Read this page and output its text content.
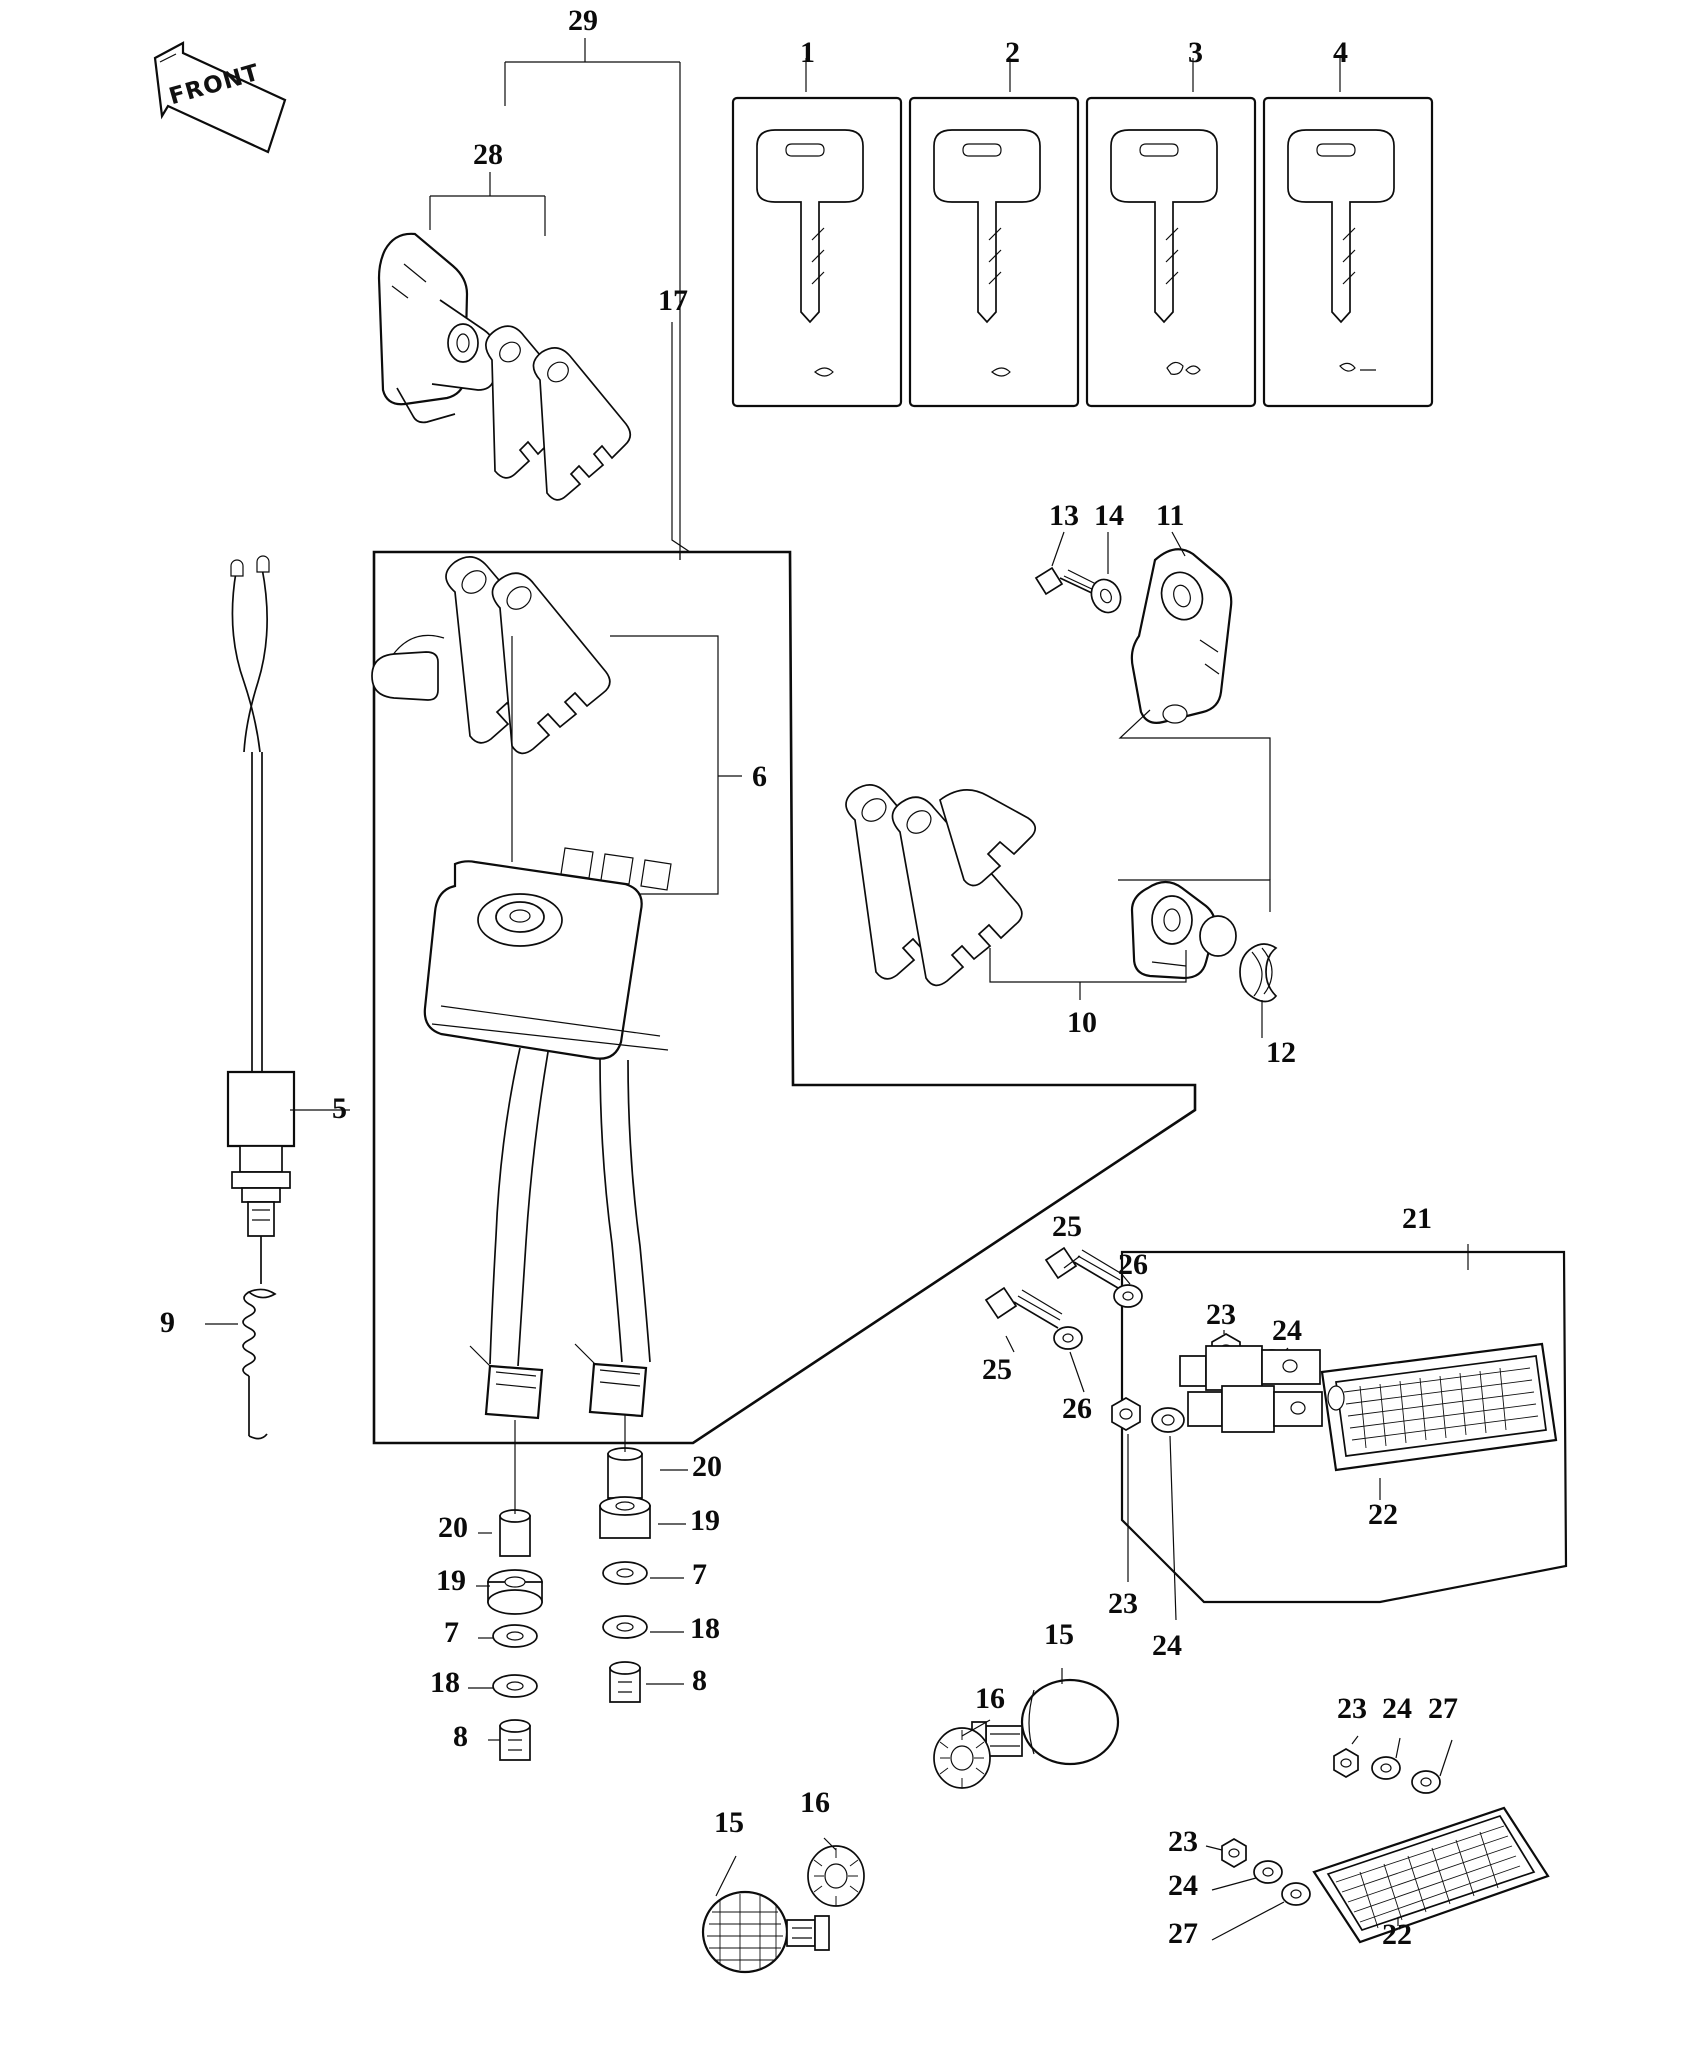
1	2	3	4
29
28
17
13 14 11
6
10
12
5
9
25
26
25
26
23 24
21
23
24
22
20
19
7
18
8
20
19
7
18
8
15
16
15
16
23 24 27
23
24
27	22
FRONT
